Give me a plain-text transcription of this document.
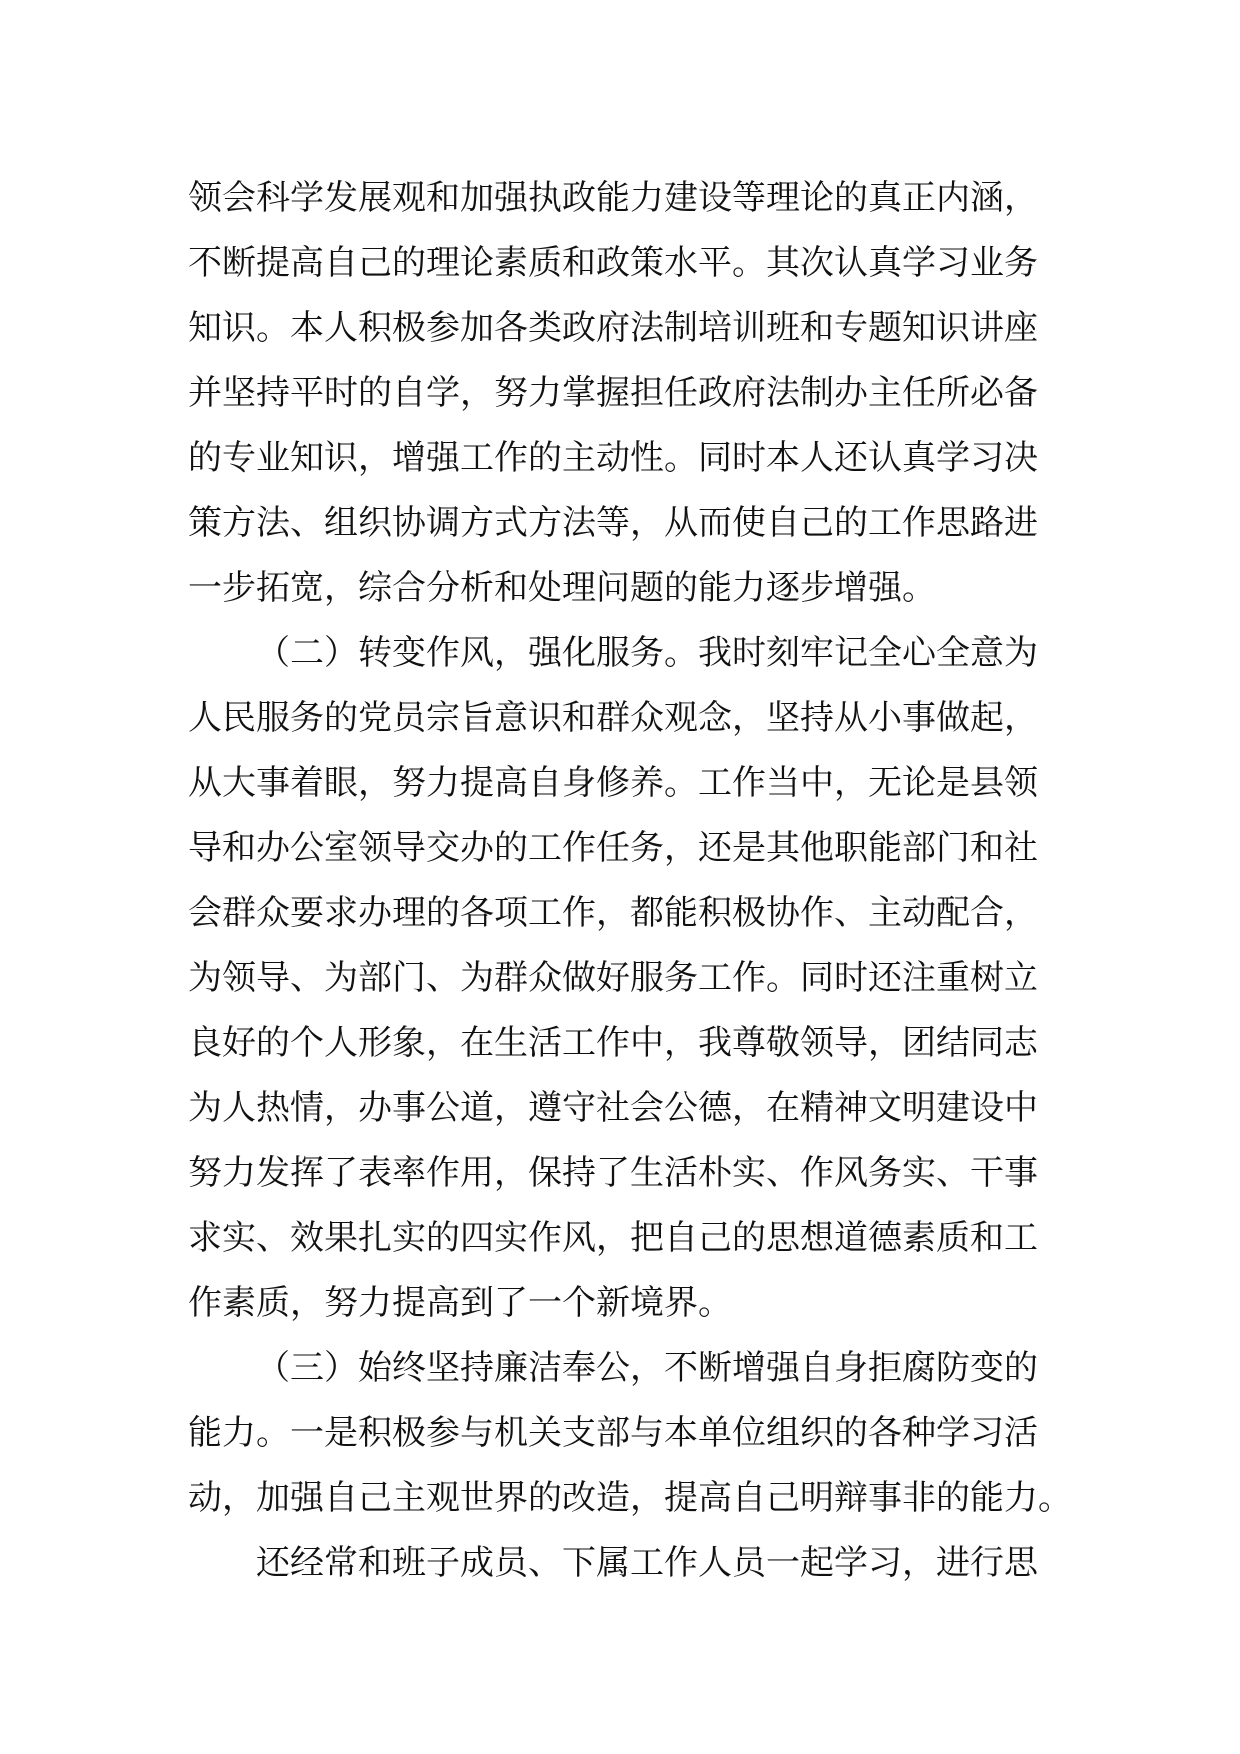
领会科学发展观和加强执政能力建设等理论的真正内涵，
不断提高自己的理论素质和政策水平。其次认真学习业务
知识。本人积极参加各类政府法制培训班和专题知识讲座
并坚持平时的自学，努力掌握担任政府法制办主任所必备
的专业知识，增强工作的主动性。同时本人还认真学习决
策方法、组织协调方式方法等，从而使自己的工作思路进
一步拓宽，综合分析和处理问题的能力逐步增强。
（二）转变作风，强化服务。我时刻牢记全心全意为
人民服务的党员宗旨意识和群众观念，坚持从小事做起，
从大事着眼，努力提高自身修养。工作当中，无论是县领
导和办公室领导交办的工作任务，还是其他职能部门和社
会群众要求办理的各项工作，都能积极协作、主动配合，
为领导、为部门、为群众做好服务工作。同时还注重树立
良好的个人形象，在生活工作中，我尊敬领导，团结同志
为人热情，办事公道，遵守社会公德，在精神文明建设中
努力发挥了表率作用，保持了生活朴实、作风务实、干事
求实、效果扎实的四实作风，把自己的思想道德素质和工
作素质，努力提高到了一个新境界。
（三）始终坚持廉洁奉公，不断增强自身拒腐防变的
能力。一是积极参与机关支部与本单位组织的各种学习活
动，加强自己主观世界的改造，提高自己明辩事非的能力。
还经常和班子成员、下属工作人员一起学习，进行思
